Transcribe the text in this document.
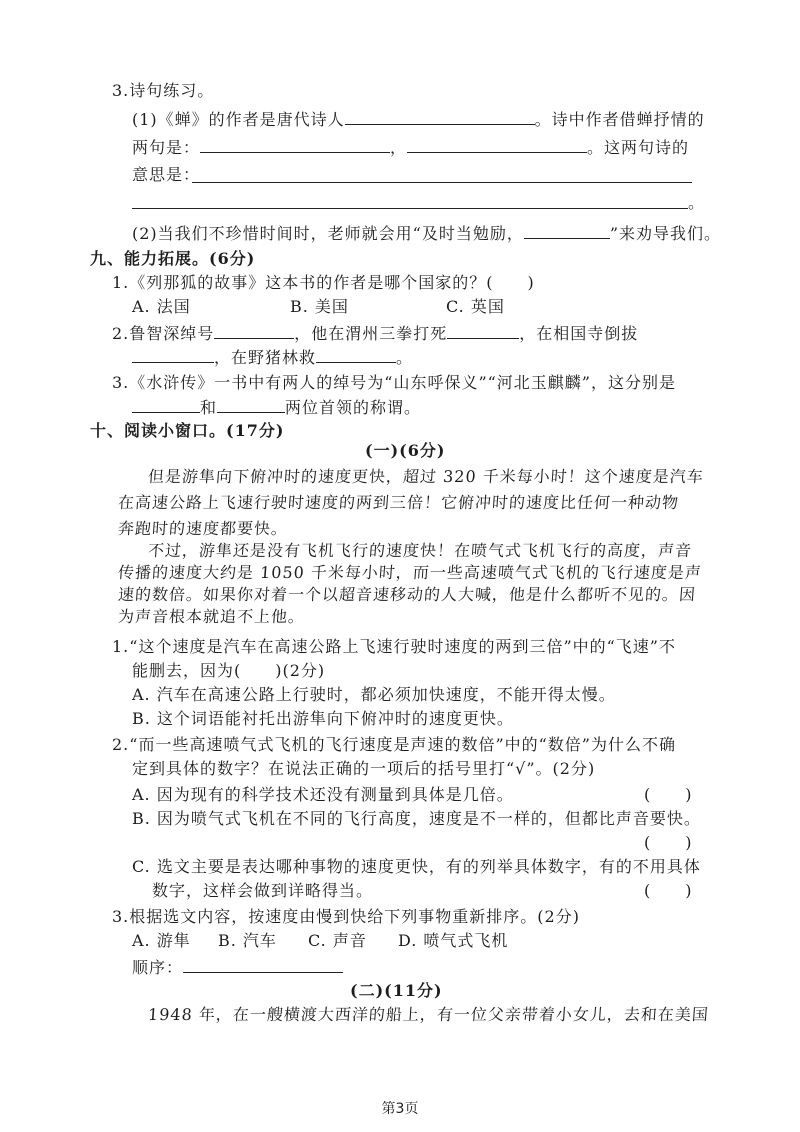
3.诗句练习。
(1)《蝉》的作者是唐代诗人	。诗中作者借蝉抒情的
两句是：	，	。这两句诗的
意思是：
。
(2)当我们不珍惜时间时，老师就会用“及时当勉励，	”来劝导我们。
九、能力拓展。(6分)
1.《列那狐的故事》这本书的作者是哪个国家的？(　　)
A. 法国	B. 美国	C. 英国
2.鲁智深绰号	，他在渭州三拳打死	，在相国寺倒拔
，在野猪林救	。
3.《水浒传》一书中有两人的绰号为“山东呼保义”“河北玉麒麟”，这分别是
和	两位首领的称谓。
十、阅读小窗口。(17分)
(一)(6分)
但是游隼向下俯冲时的速度更快，超过 320 千米每小时！这个速度是汽车
在高速公路上飞速行驶时速度的两到三倍！它俯冲时的速度比任何一种动物
奔跑时的速度都要快。
不过，游隼还是没有飞机飞行的速度快！在喷气式飞机飞行的高度，声音
传播的速度大约是 1050 千米每小时，而一些高速喷气式飞机的飞行速度是声
速的数倍。如果你对着一个以超音速移动的人大喊，他是什么都听不见的。因
为声音根本就追不上他。
1.“这个速度是汽车在高速公路上飞速行驶时速度的两到三倍”中的“飞速”不
能删去，因为(　　)(2分)
A. 汽车在高速公路上行驶时，都必须加快速度，不能开得太慢。
B. 这个词语能衬托出游隼向下俯冲时的速度更快。
2.“而一些高速喷气式飞机的飞行速度是声速的数倍”中的“数倍”为什么不确
定到具体的数字？在说法正确的一项后的括号里打“√”。(2分)
A. 因为现有的科学技术还没有测量到具体是几倍。	(　　)
B. 因为喷气式飞机在不同的飞行高度，速度是不一样的，但都比声音要快。
(　　)
C. 选文主要是表达哪种事物的速度更快，有的列举具体数字，有的不用具体
数字，这样会做到详略得当。	(　　)
3.根据选文内容，按速度由慢到快给下列事物重新排序。(2分)
A. 游隼 B. 汽车 C. 声音 D. 喷气式飞机
顺序：
(二)(11分)
1948 年，在一艘横渡大西洋的船上，有一位父亲带着小女儿，去和在美国
第3页
